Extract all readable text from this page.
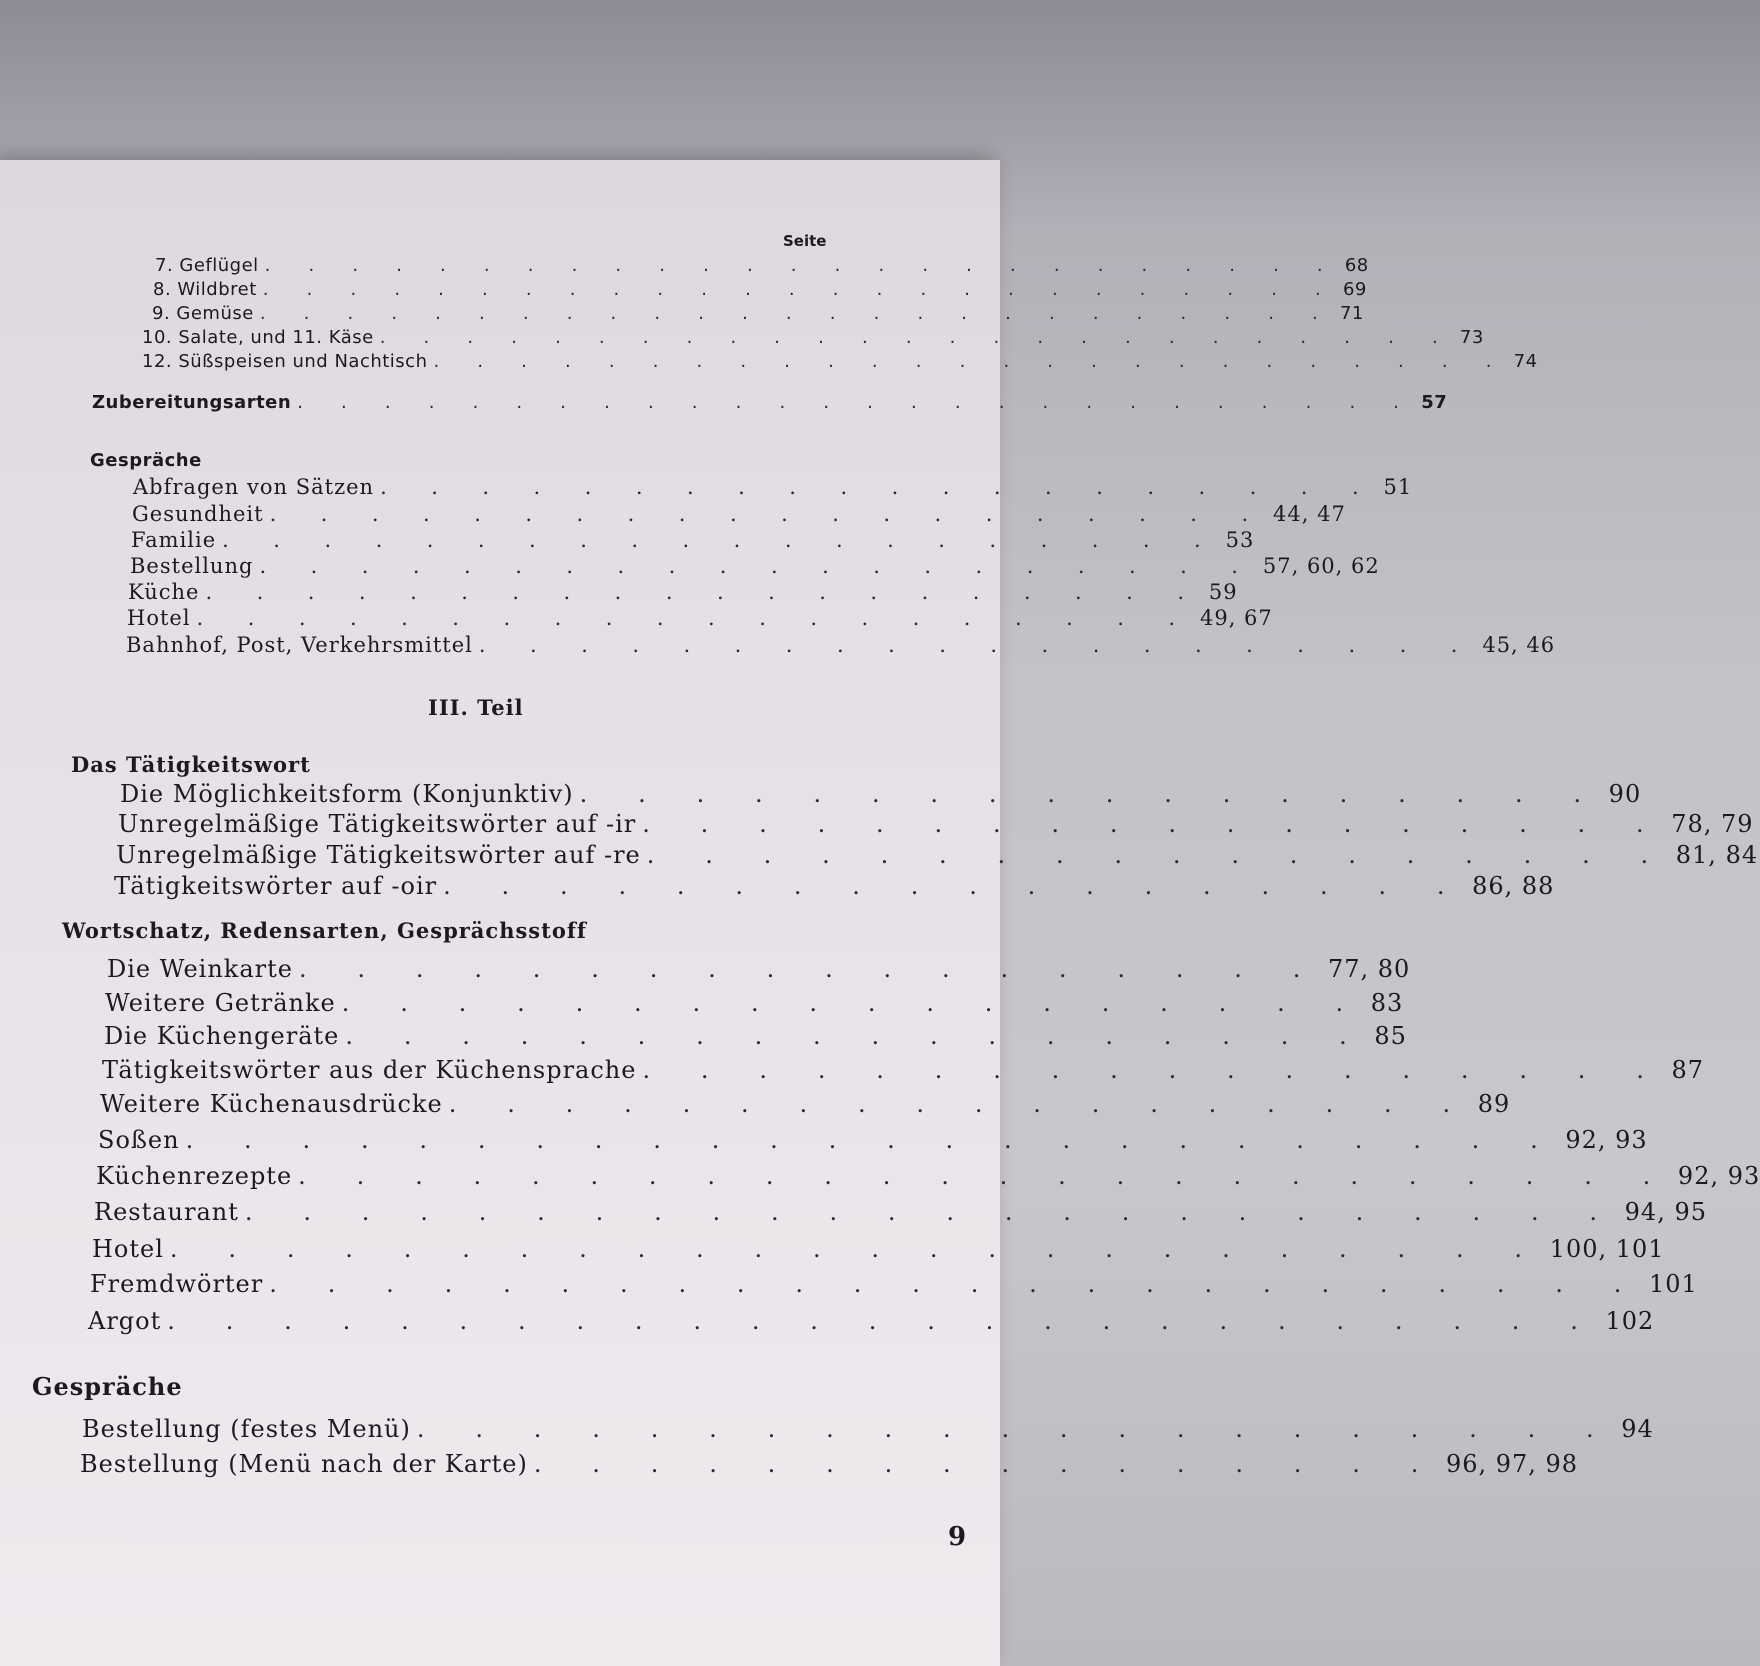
Seite
7. Geflügel . . . . . . . . . . . . . . . . . . . . . . . . . 68
8. Wildbret . . . . . . . . . . . . . . . . . . . . . . . . . 69
9. Gemüse . . . . . . . . . . . . . . . . . . . . . . . . . 71
10. Salate, und 11. Käse . . . . . . . . . . . . . . . . . . . . . . . . . 73
12. Süßspeisen und Nachtisch . . . . . . . . . . . . . . . . . . . . . . . . . 74
Zubereitungsarten . . . . . . . . . . . . . . . . . . . . . . . . . . 57
Gespräche
Abfragen von Sätzen . . . . . . . . . . . . . . . . . . . . 51
Gesundheit . . . . . . . . . . . . . . . . . . . . 44, 47
Familie . . . . . . . . . . . . . . . . . . . . 53
Bestellung . . . . . . . . . . . . . . . . . . . . 57, 60, 62
Küche . . . . . . . . . . . . . . . . . . . . 59
Hotel . . . . . . . . . . . . . . . . . . . . 49, 67
Bahnhof, Post, Verkehrsmittel . . . . . . . . . . . . . . . . . . . . 45, 46
III. Teil
Das Tätigkeitswort
Die Möglichkeitsform (Konjunktiv) . . . . . . . . . . . . . . . . . . 90
Unregelmäßige Tätigkeitswörter auf -ir . . . . . . . . . . . . . . . . . . 78, 79
Unregelmäßige Tätigkeitswörter auf -re . . . . . . . . . . . . . . . . . . 81, 84
Tätigkeitswörter auf -oir . . . . . . . . . . . . . . . . . . 86, 88
Wortschatz, Redensarten, Gesprächsstoff
Die Weinkarte . . . . . . . . . . . . . . . . . . 77, 80
Weitere Getränke . . . . . . . . . . . . . . . . . . 83
Die Küchengeräte . . . . . . . . . . . . . . . . . . 85
Tätigkeitswörter aus der Küchensprache . . . . . . . . . . . . . . . . . . 87
Weitere Küchenausdrücke . . . . . . . . . . . . . . . . . . 89
Soßen . . . . . . . . . . . . . . . . . . . . . . . . 92, 93
Küchenrezepte . . . . . . . . . . . . . . . . . . . . . . . . 92, 93
Restaurant . . . . . . . . . . . . . . . . . . . . . . . . 94, 95
Hotel . . . . . . . . . . . . . . . . . . . . . . . . 100, 101
Fremdwörter . . . . . . . . . . . . . . . . . . . . . . . . 101
Argot . . . . . . . . . . . . . . . . . . . . . . . . . 102
Gespräche
Bestellung (festes Menü) . . . . . . . . . . . . . . . . . . . . . 94
Bestellung (Menü nach der Karte) . . . . . . . . . . . . . . . . 96, 97, 98
9
